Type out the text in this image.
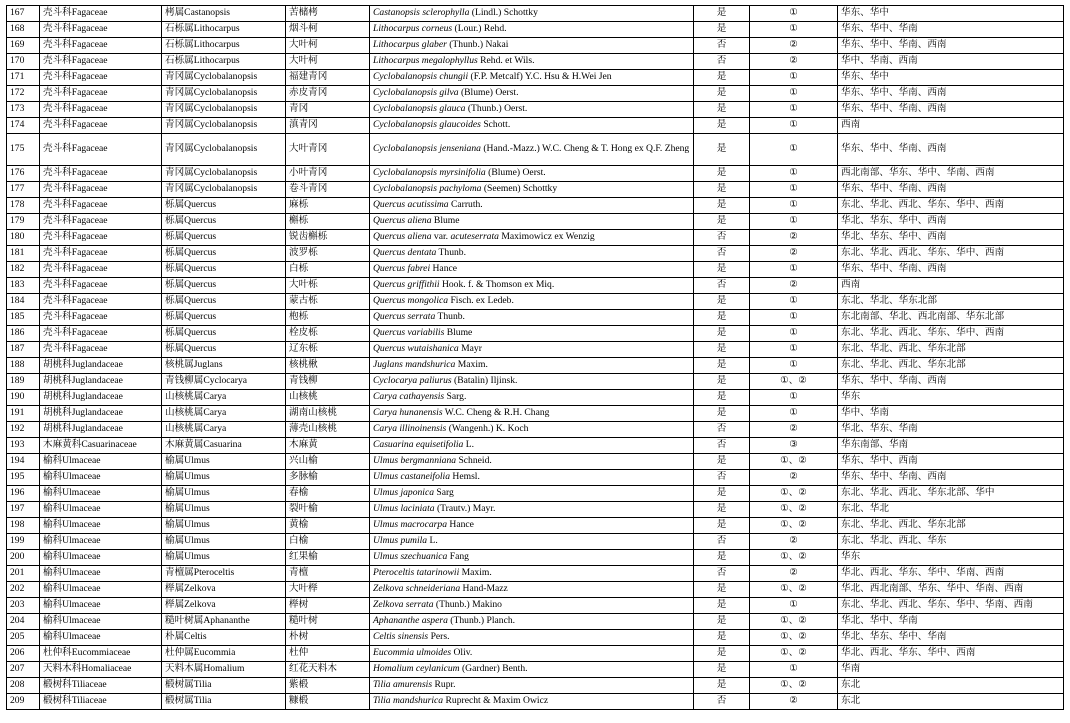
167	壳斗科Fagaceae	栲属Castanopsis	苦槠栲	Castanopsis sclerophylla (Lindl.) Schottky	是	①	华东、华中
168	壳斗科Fagaceae	石栎属Lithocarpus	烟斗柯	Lithocarpus corneus (Lour.) Rehd.	是	①	华东、华中、华南
169	壳斗科Fagaceae	石栎属Lithocarpus	大叶柯	Lithocarpus glaber (Thunb.) Nakai	否	②	华东、华中、华南、西南
170	壳斗科Fagaceae	石栎属Lithocarpus	大叶柯	Lithocarpus megalophyllus Rehd. et Wils.	否	②	华中、华南、西南
171	壳斗科Fagaceae	青冈属Cyclobalanopsis	福建青冈	Cyclobalanopsis chungii (F.P. Metcalf) Y.C. Hsu & H.Wei Jen	是	①	华东、华中
172	壳斗科Fagaceae	青冈属Cyclobalanopsis	赤皮青冈	Cyclobalanopsis gilva (Blume) Oerst.	是	①	华东、华中、华南、西南
173	壳斗科Fagaceae	青冈属Cyclobalanopsis	青冈	Cyclobalanopsis glauca (Thunb.) Oerst.	是	①	华东、华中、华南、西南
174	壳斗科Fagaceae	青冈属Cyclobalanopsis	滇青冈	Cyclobalanopsis glaucoides Schott.	是	①	西南
175	壳斗科Fagaceae	青冈属Cyclobalanopsis	大叶青冈	Cyclobalanopsis jenseniana (Hand.-Mazz.) W.C. Cheng & T. Hong ex Q.F. Zheng	是	①	华东、华中、华南、西南
176	壳斗科Fagaceae	青冈属Cyclobalanopsis	小叶青冈	Cyclobalanopsis myrsinifolia (Blume) Oerst.	是	①	西北南部、华东、华中、华南、西南
177	壳斗科Fagaceae	青冈属Cyclobalanopsis	卷斗青冈	Cyclobalanopsis pachyloma (Seemen) Schottky	是	①	华东、华中、华南、西南
178	壳斗科Fagaceae	栎属Quercus	麻栎	Quercus acutissima Carruth.	是	①	东北、华北、西北、华东、华中、西南
179	壳斗科Fagaceae	栎属Quercus	槲栎	Quercus aliena Blume	是	①	华北、华东、华中、西南
180	壳斗科Fagaceae	栎属Quercus	锐齿槲栎	Quercus aliena var. acuteserrata Maximowicz ex Wenzig	否	②	华北、华东、华中、西南
181	壳斗科Fagaceae	栎属Quercus	波罗栎	Quercus dentata Thunb.	否	②	东北、华北、西北、华东、华中、西南
182	壳斗科Fagaceae	栎属Quercus	白栎	Quercus fabrei Hance	是	①	华东、华中、华南、西南
183	壳斗科Fagaceae	栎属Quercus	大叶栎	Quercus griffithii Hook. f. & Thomson ex Miq.	否	②	西南
184	壳斗科Fagaceae	栎属Quercus	蒙古栎	Quercus mongolica Fisch. ex Ledeb.	是	①	东北、华北、华东北部
185	壳斗科Fagaceae	栎属Quercus	枹栎	Quercus serrata Thunb.	是	①	东北南部、华北、西北南部、华东北部
186	壳斗科Fagaceae	栎属Quercus	栓皮栎	Quercus variabilis Blume	是	①	东北、华北、西北、华东、华中、西南
187	壳斗科Fagaceae	栎属Quercus	辽东栎	Quercus wutaishanica Mayr	是	①	东北、华北、西北、华东北部
188	胡桃科Juglandaceae	核桃属Juglans	核桃楸	Juglans mandshurica Maxim.	是	①	东北、华北、西北、华东北部
189	胡桃科Juglandaceae	青钱柳属Cyclocarya	青钱柳	Cyclocarya paliurus (Batalin) Iljinsk.	是	①、②	华东、华中、华南、西南
190	胡桃科Juglandaceae	山核桃属Carya	山核桃	Carya cathayensis Sarg.	是	①	华东
191	胡桃科Juglandaceae	山核桃属Carya	湖南山核桃	Carya hunanensis W.C. Cheng & R.H. Chang	是	①	华中、华南
192	胡桃科Juglandaceae	山核桃属Carya	薄壳山核桃	Carya illinoinensis (Wangenh.) K. Koch	否	②	华北、华东、华南
193	木麻黄科Casuarinaceae	木麻黄属Casuarina	木麻黄	Casuarina equisetifolia L.	否	③	华东南部、华南
194	榆科Ulmaceae	榆属Ulmus	兴山榆	Ulmus bergmanniana Schneid.	是	①、②	华东、华中、西南
195	榆科Ulmaceae	榆属Ulmus	多脉榆	Ulmus castaneifolia Hemsl.	否	②	华东、华中、华南、西南
196	榆科Ulmaceae	榆属Ulmus	春榆	Ulmus japonica Sarg	是	①、②	东北、华北、西北、华东北部、华中
197	榆科Ulmaceae	榆属Ulmus	裂叶榆	Ulmus laciniata (Trautv.) Mayr.	是	①、②	东北、华北
198	榆科Ulmaceae	榆属Ulmus	黄榆	Ulmus macrocarpa Hance	是	①、②	东北、华北、西北、华东北部
199	榆科Ulmaceae	榆属Ulmus	白榆	Ulmus pumila L.	否	②	东北、华北、西北、华东
200	榆科Ulmaceae	榆属Ulmus	红果榆	Ulmus szechuanica Fang	是	①、②	华东
201	榆科Ulmaceae	青檀属Pteroceltis	青檀	Pteroceltis tatarinowii Maxim.	否	②	华北、西北、华东、华中、华南、西南
202	榆科Ulmaceae	榉属Zelkova	大叶榉	Zelkova schneideriana Hand-Mazz	是	①、②	华北、西北南部、华东、华中、华南、西南
203	榆科Ulmaceae	榉属Zelkova	榉树	Zelkova serrata (Thunb.) Makino	是	①	东北、华北、西北、华东、华中、华南、西南
204	榆科Ulmaceae	糙叶树属Aphananthe	糙叶树	Aphananthe aspera (Thunb.) Planch.	是	①、②	华北、华中、华南
205	榆科Ulmaceae	朴属Celtis	朴树	Celtis sinensis Pers.	是	①、②	华北、华东、华中、华南
206	杜仲科Eucommiaceae	杜仲属Eucommia	杜仲	Eucommia ulmoides Oliv.	是	①、②	华北、西北、华东、华中、西南
207	天料木科Homaliaceae	天料木属Homalium	红花天料木	Homalium ceylanicum (Gardner) Benth.	是	①	华南
208	椴树科Tiliaceae	椴树属Tilia	紫椴	Tilia amurensis Rupr.	是	①、②	东北
209	椴树科Tiliaceae	椴树属Tilia	糠椴	Tilia mandshurica Ruprecht & Maxim Owicz	否	②	东北
